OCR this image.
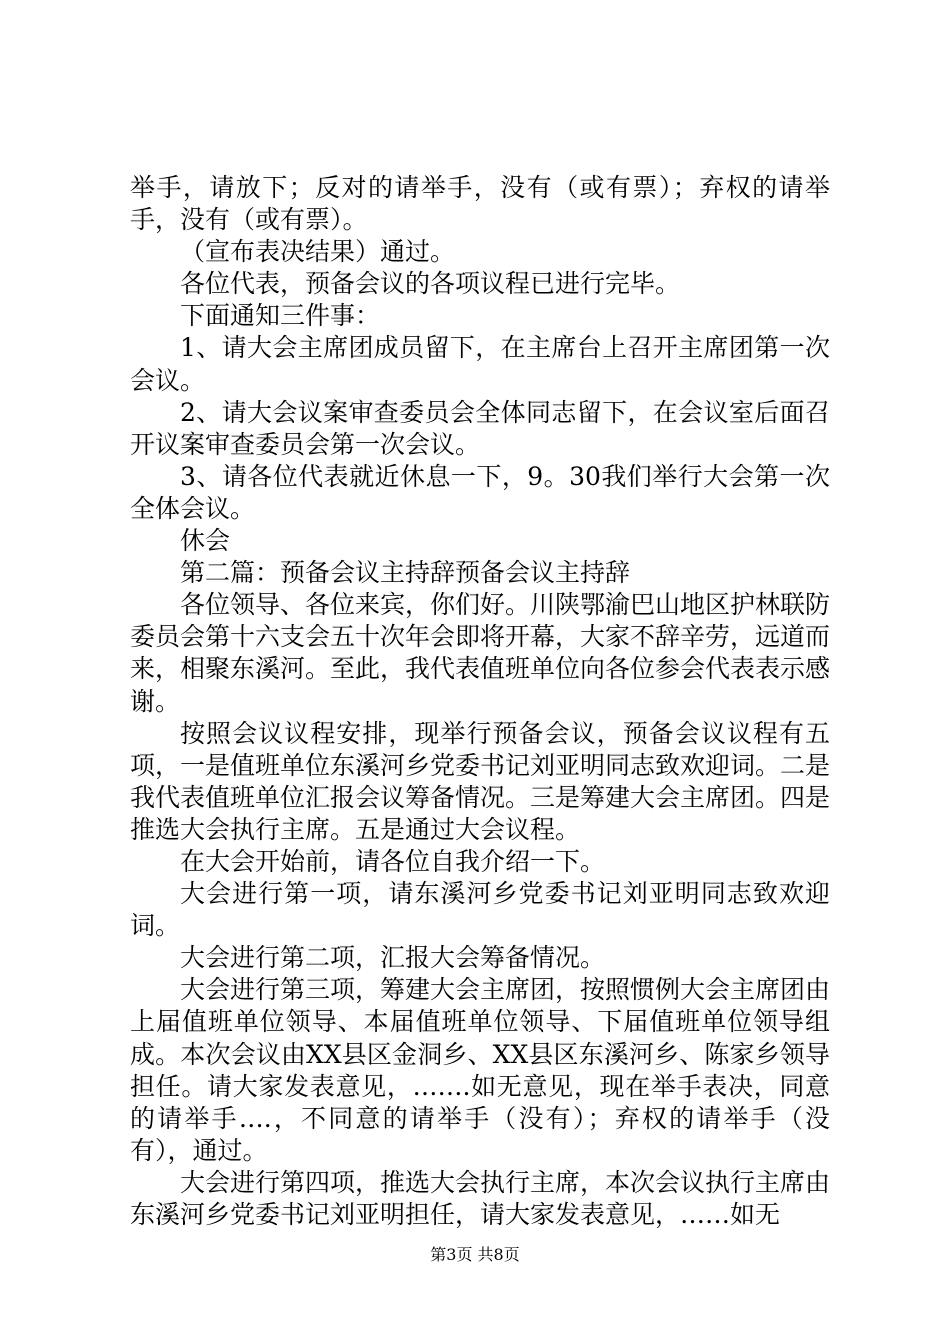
举手，请放下；反对的请举手，没有（或有票）；弃权的请举手，没有（或有票）。

（宣布表决结果）通过。

各位代表，预备会议的各项议程已进行完毕。

下面通知三件事：

1、请大会主席团成员留下，在主席台上召开主席团第一次会议。

2、请大会议案审查委员会全体同志留下，在会议室后面召开议案审查委员会第一次会议。

3、请各位代表就近休息一下，9。30我们举行大会第一次全体会议。

休会

第二篇：预备会议主持辞预备会议主持辞

各位领导、各位来宾，你们好。川陕鄂渝巴山地区护林联防委员会第十六支会五十次年会即将开幕，大家不辞辛劳，远道而来，相聚东溪河。至此，我代表值班单位向各位参会代表表示感谢。

按照会议议程安排，现举行预备会议，预备会议议程有五项，一是值班单位东溪河乡党委书记刘亚明同志致欢迎词。二是我代表值班单位汇报会议筹备情况。三是筹建大会主席团。四是推选大会执行主席。五是通过大会议程。

在大会开始前，请各位自我介绍一下。

大会进行第一项，请东溪河乡党委书记刘亚明同志致欢迎词。

大会进行第二项，汇报大会筹备情况。

大会进行第三项，筹建大会主席团，按照惯例大会主席团由上届值班单位领导、本届值班单位领导、下届值班单位领导组成。本次会议由XX县区金洞乡、XX县区东溪河乡、陈家乡领导担任。请大家发表意见，…….如无意见，现在举手表决，同意的请举手….，不同意的请举手（没有）；弃权的请举手（没有），通过。

大会进行第四项，推选大会执行主席，本次会议执行主席由东溪河乡党委书记刘亚明担任，请大家发表意见，……如无

第3页 共8页
